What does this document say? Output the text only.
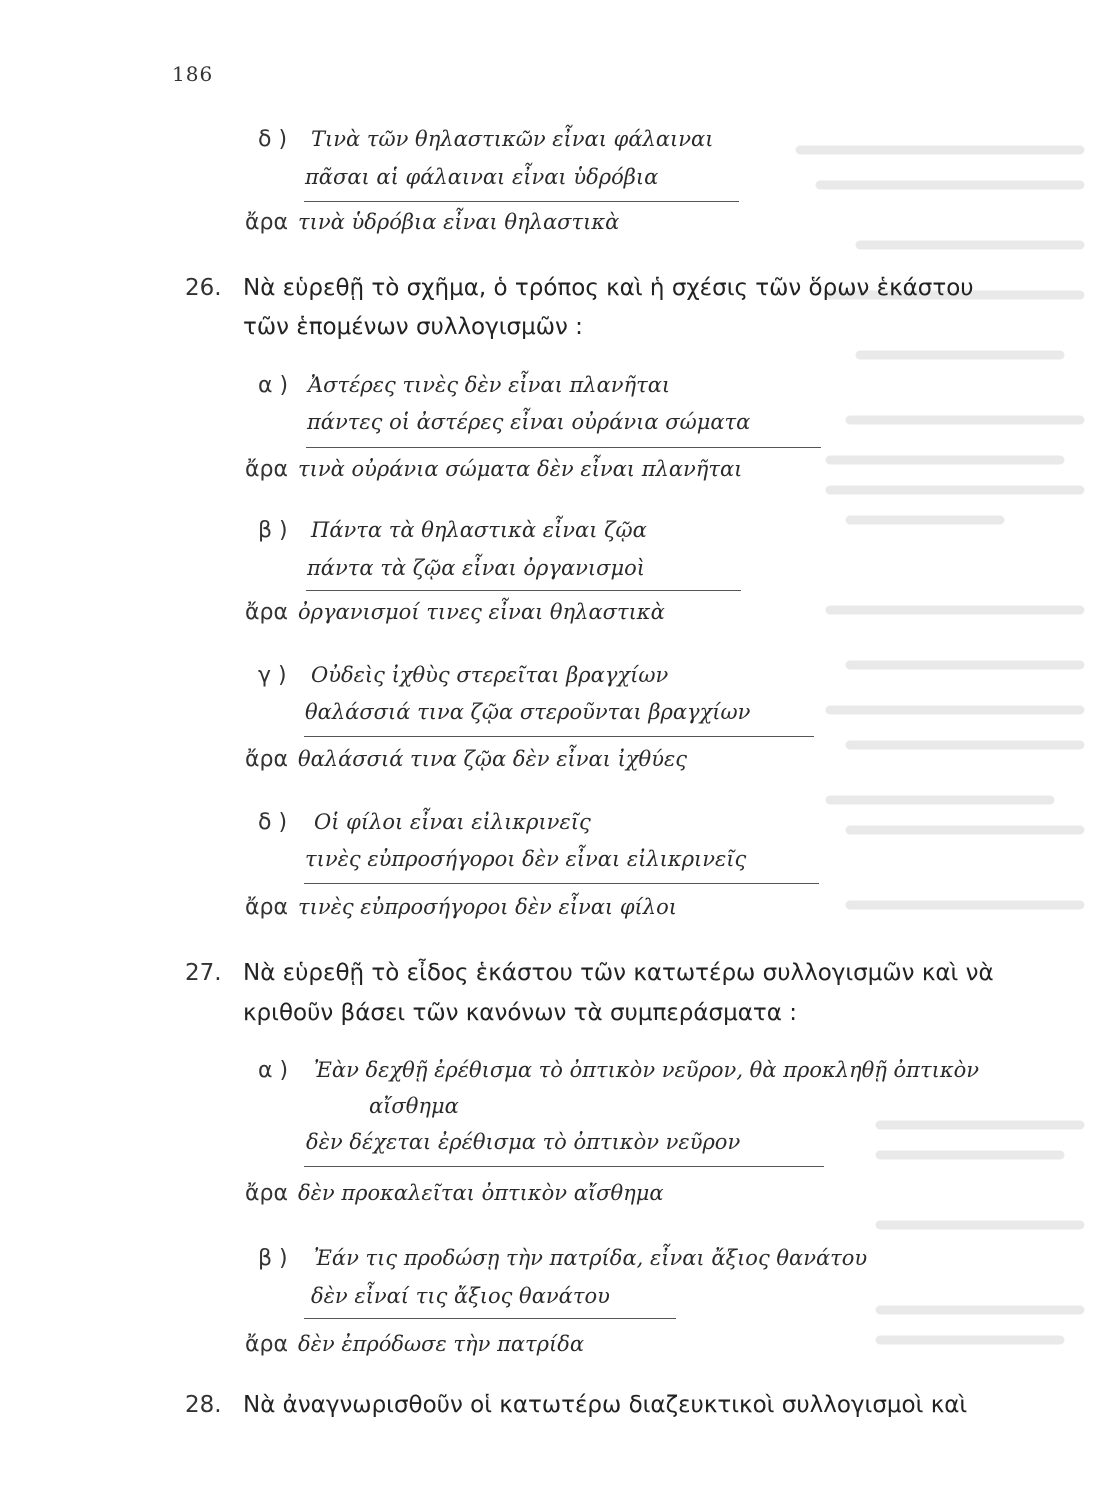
186
δ ) Τινὰ τῶν θηλαστικῶν εἶναι φάλαιναι
πᾶσαι αἱ φάλαιναι εἶναι ὑδρόβια
ἄρα τινὰ ὑδρόβια εἶναι θηλαστικὰ
26. Νὰ εὑρεθῇ τὸ σχῆμα, ὁ τρόπος καὶ ἡ σχέσις τῶν ὅρων ἑκάστου
τῶν ἑπομένων συλλογισμῶν :
α ) Ἀστέρες τινὲς δὲν εἶναι πλανῆται
πάντες οἱ ἀστέρες εἶναι οὐράνια σώματα
ἄρα τινὰ οὐράνια σώματα δὲν εἶναι πλανῆται
β ) Πάντα τὰ θηλαστικὰ εἶναι ζῷα
πάντα τὰ ζῷα εἶναι ὀργανισμοὶ
ἄρα ὀργανισμοί τινες εἶναι θηλαστικὰ
γ ) Οὐδεὶς ἰχθὺς στερεῖται βραγχίων
θαλάσσιά τινα ζῷα στεροῦνται βραγχίων
ἄρα θαλάσσιά τινα ζῷα δὲν εἶναι ἰχθύες
δ ) Οἱ φίλοι εἶναι εἰλικρινεῖς
τινὲς εὐπροσήγοροι δὲν εἶναι εἰλικρινεῖς
ἄρα τινὲς εὐπροσήγοροι δὲν εἶναι φίλοι
27. Νὰ εὑρεθῇ τὸ εἶδος ἑκάστου τῶν κατωτέρω συλλογισμῶν καὶ νὰ
κριθοῦν βάσει τῶν κανόνων τὰ συμπεράσματα :
α ) Ἐὰν δεχθῇ ἐρέθισμα τὸ ὀπτικὸν νεῦρον, θὰ προκληθῇ ὀπτικὸν
αἴσθημα
δὲν δέχεται ἐρέθισμα τὸ ὀπτικὸν νεῦρον
ἄρα δὲν προκαλεῖται ὀπτικὸν αἴσθημα
β ) Ἐάν τις προδώσῃ τὴν πατρίδα, εἶναι ἄξιος θανάτου
δὲν εἶναί τις ἄξιος θανάτου
ἄρα δὲν ἐπρόδωσε τὴν πατρίδα
28. Νὰ ἀναγνωρισθοῦν οἱ κατωτέρω διαζευκτικοὶ συλλογισμοὶ καὶ
